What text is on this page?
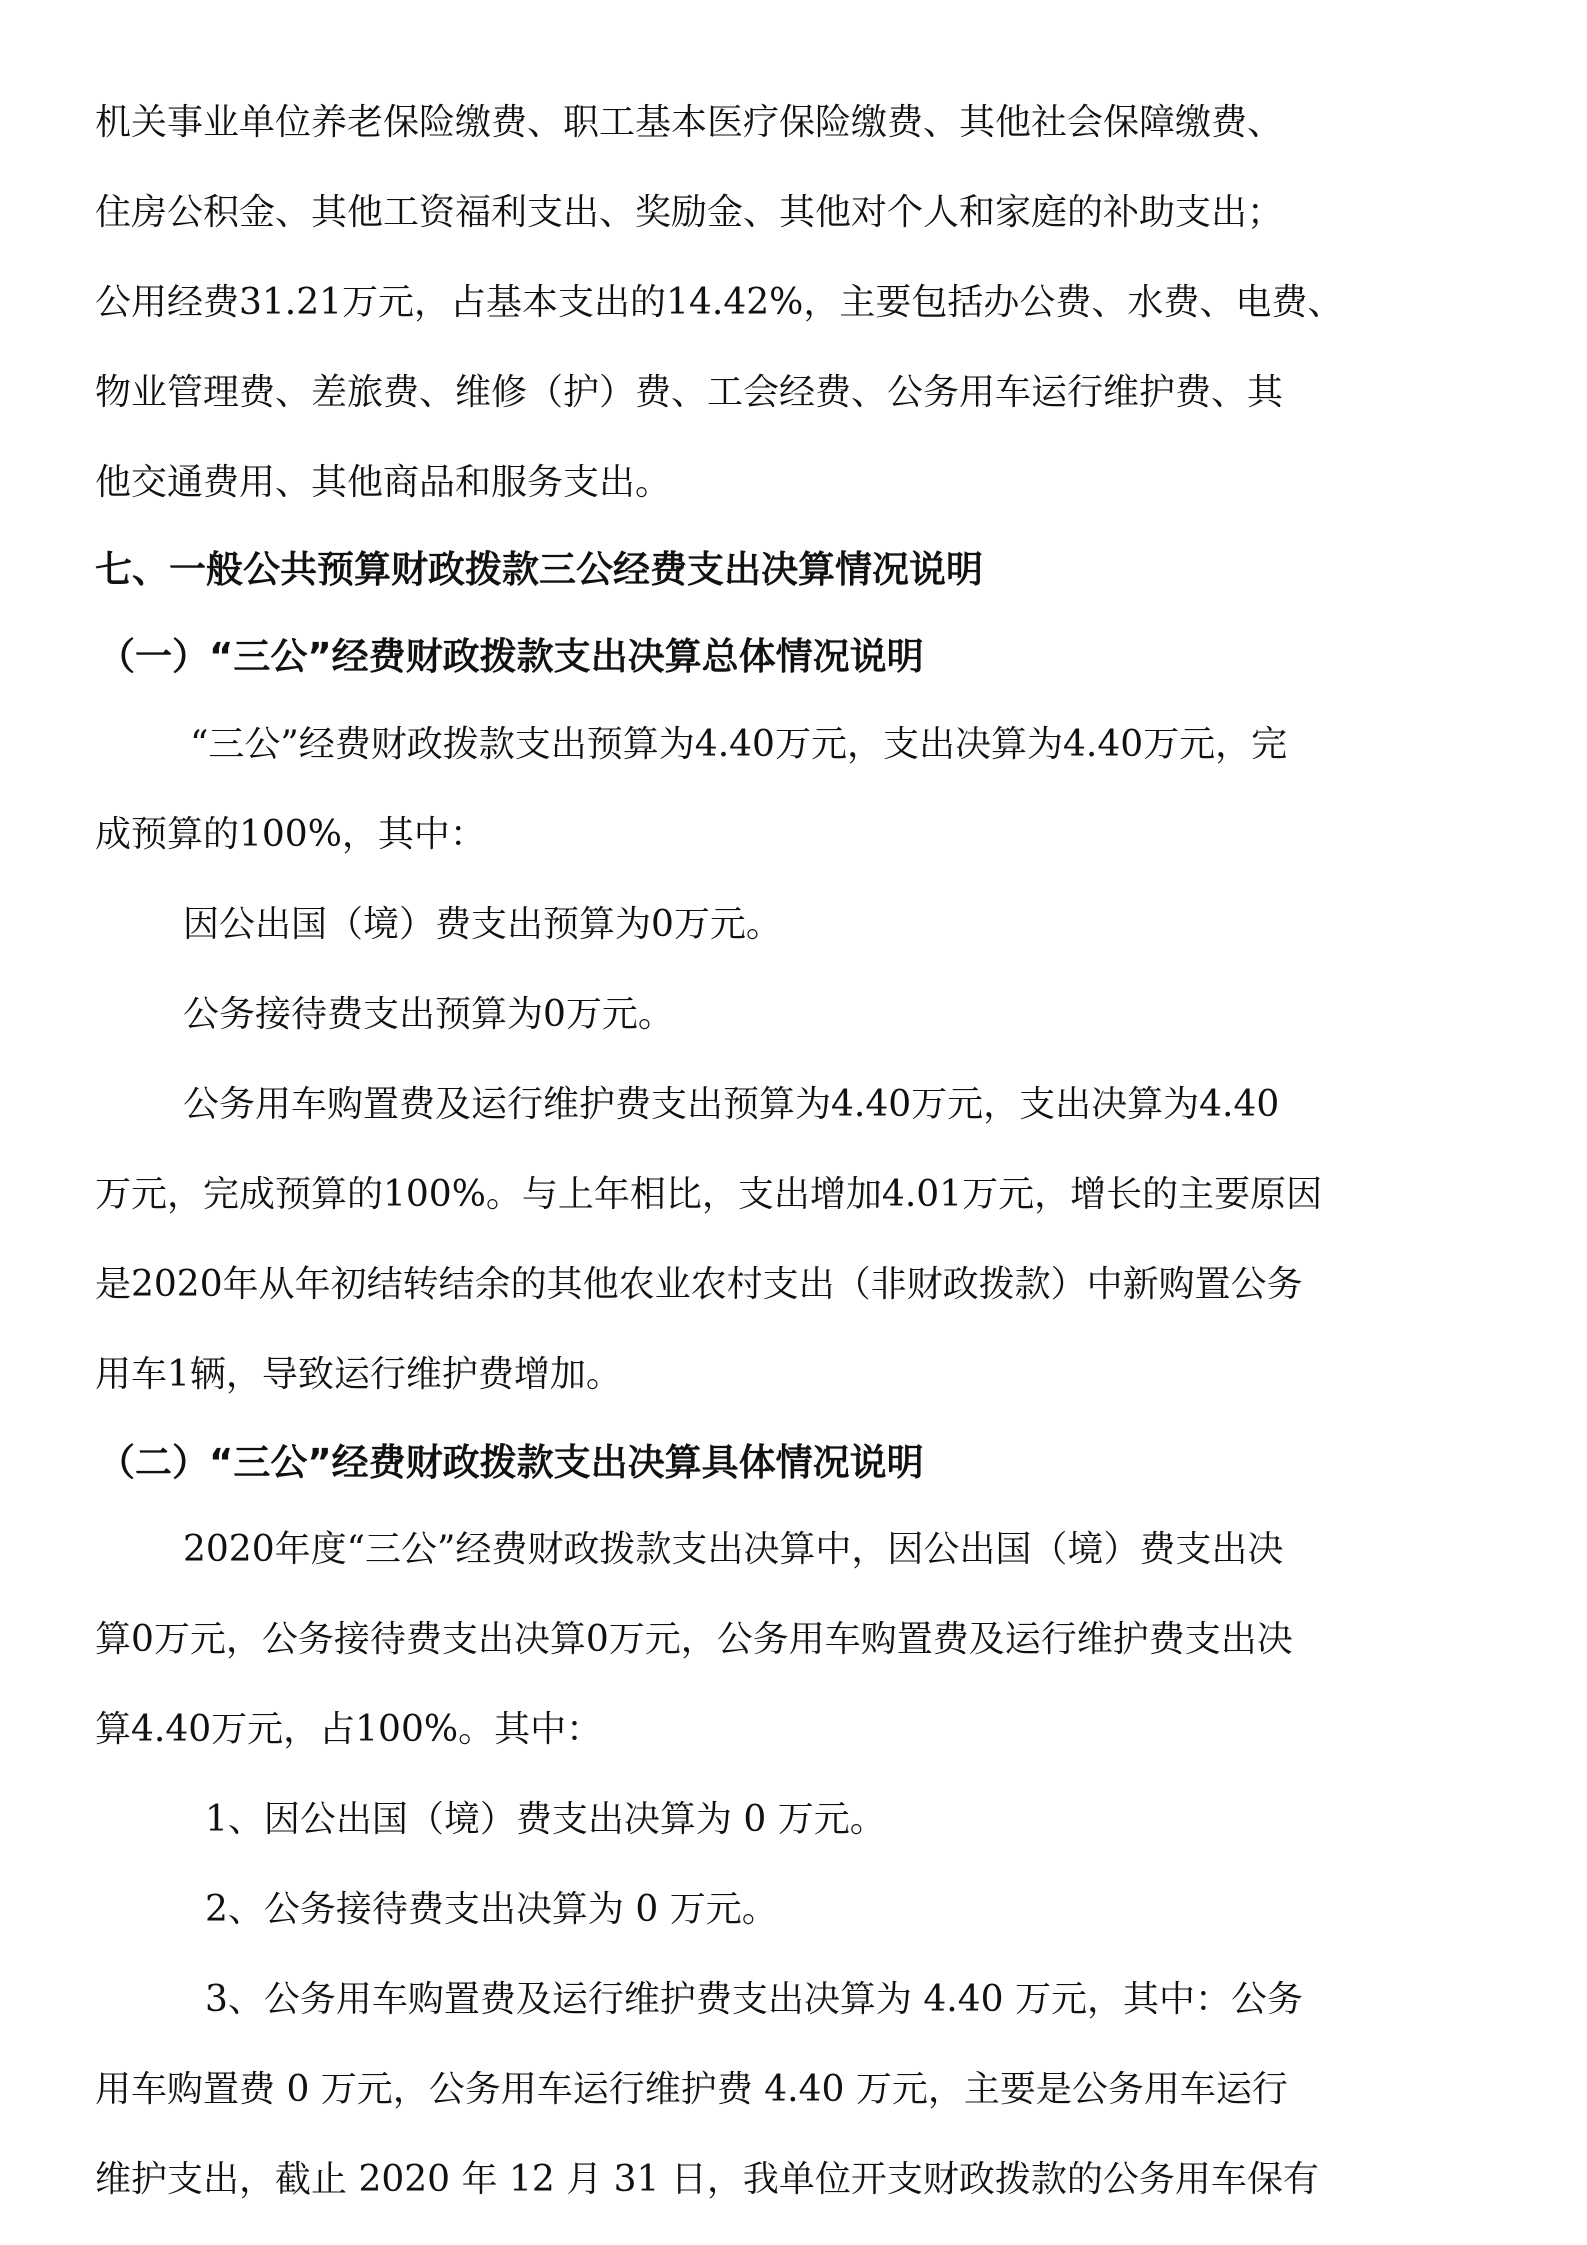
机关事业单位养老保险缴费、职工基本医疗保险缴费、其他社会保障缴费、
住房公积金、其他工资福利支出、奖励金、其他对个人和家庭的补助支出；
公用经费31.21万元，占基本支出的14.42%，主要包括办公费、水费、电费、
物业管理费、差旅费、维修（护）费、工会经费、公务用车运行维护费、其
他交通费用、其他商品和服务支出。
七、一般公共预算财政拨款三公经费支出决算情况说明
（一）“三公”经费财政拨款支出决算总体情况说明
“三公”经费财政拨款支出预算为4.40万元，支出决算为4.40万元，完
成预算的100%，其中：
因公出国（境）费支出预算为0万元。
公务接待费支出预算为0万元。
公务用车购置费及运行维护费支出预算为4.40万元，支出决算为4.40
万元，完成预算的100%。与上年相比，支出增加4.01万元，增长的主要原因
是2020年从年初结转结余的其他农业农村支出（非财政拨款）中新购置公务
用车1辆，导致运行维护费增加。
（二）“三公”经费财政拨款支出决算具体情况说明
2020年度“三公”经费财政拨款支出决算中，因公出国（境）费支出决
算0万元，公务接待费支出决算0万元，公务用车购置费及运行维护费支出决
算4.40万元，占100%。其中：
1、因公出国（境）费支出决算为 0 万元。
2、公务接待费支出决算为 0 万元。
3、公务用车购置费及运行维护费支出决算为 4.40 万元，其中：公务
用车购置费 0 万元，公务用车运行维护费 4.40 万元，主要是公务用车运行
维护支出，截止 2020 年 12 月 31 日，我单位开支财政拨款的公务用车保有
